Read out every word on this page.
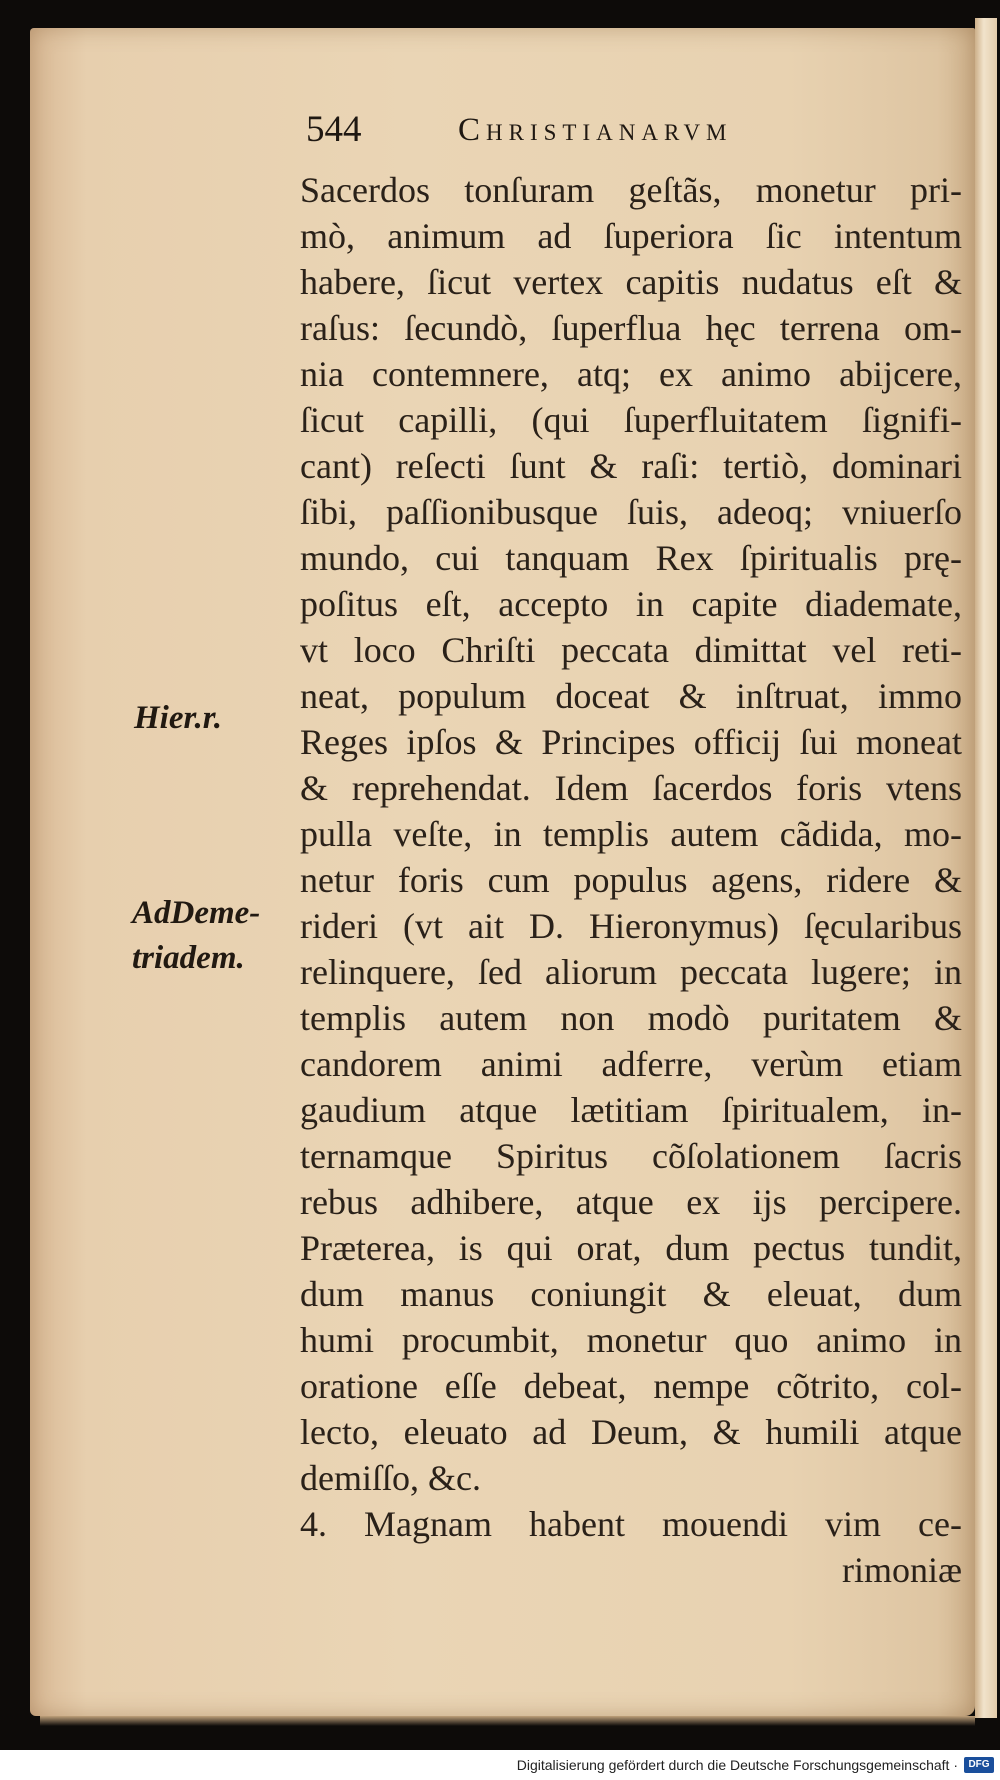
544	Christianarvm
Hier.r.
AdDeme-
triadem.
Sacerdos tonſuram geſtãs, monetur pri-
mò, animum ad ſuperiora ſic intentum
habere, ſicut vertex capitis nudatus eſt &
raſus: ſecundò, ſuperflua hęc terrena om-
nia contemnere, atq; ex animo abijcere,
ſicut capilli, (qui ſuperfluitatem ſignifi-
cant) reſecti ſunt & raſi: tertiò, dominari
ſibi, paſſionibusque ſuis, adeoq; vniuerſo
mundo, cui tanquam Rex ſpiritualis prę-
poſitus eſt, accepto in capite diademate,
vt loco Chriſti peccata dimittat vel reti-
neat, populum doceat & inſtruat, immo
Reges ipſos & Principes officij ſui moneat
& reprehendat. Idem ſacerdos foris vtens
pulla veſte, in templis autem cãdida, mo-
netur foris cum populus agens, ridere &
rideri (vt ait D. Hieronymus) ſęcularibus
relinquere, ſed aliorum peccata lugere; in
templis autem non modò puritatem &
candorem animi adferre, verùm etiam
gaudium atque lætitiam ſpiritualem, in-
ternamque Spiritus cõſolationem ſacris
rebus adhibere, atque ex ijs percipere.
Præterea, is qui orat, dum pectus tundit,
dum manus coniungit & eleuat, dum
humi procumbit, monetur quo animo in
oratione eſſe debeat, nempe cõtrito, col-
lecto, eleuato ad Deum, & humili atque
demiſſo, &c.
4. Magnam habent mouendi vim ce-
rimoniæ
Digitalisierung gefördert durch die Deutsche Forschungsgemeinschaft ·	DFG
